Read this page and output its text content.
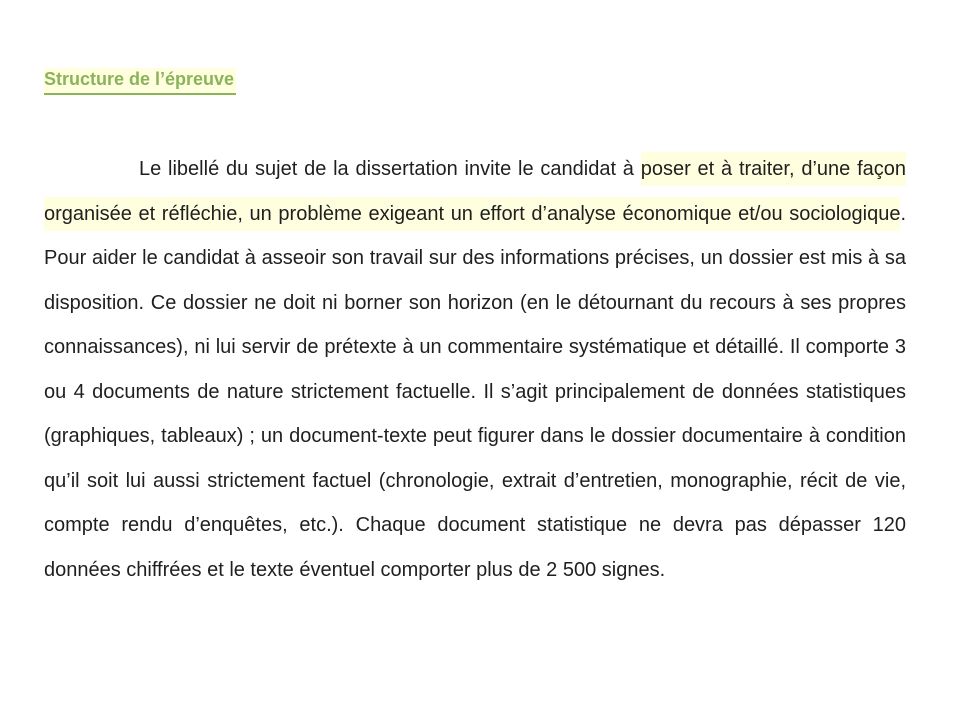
Structure de l’épreuve

Le libellé du sujet de la dissertation invite le candidat à poser et à traiter, d’une façon organisée et réfléchie, un problème exigeant un effort d’analyse économique et/ou sociologique. Pour aider le candidat à asseoir son travail sur des informations précises, un dossier est mis à sa disposition. Ce dossier ne doit ni borner son horizon (en le détournant du recours à ses propres connaissances), ni lui servir de prétexte à un commentaire systématique et détaillé. Il comporte 3 ou 4 documents de nature strictement factuelle. Il s’agit principalement de données statistiques (graphiques, tableaux) ; un document-texte peut figurer dans le dossier documentaire à condition qu’il soit lui aussi strictement factuel (chronologie, extrait d’entretien, monographie, récit de vie, compte rendu d’enquêtes, etc.). Chaque document statistique ne devra pas dépasser 120 données chiffrées et le texte éventuel comporter plus de 2 500 signes.
